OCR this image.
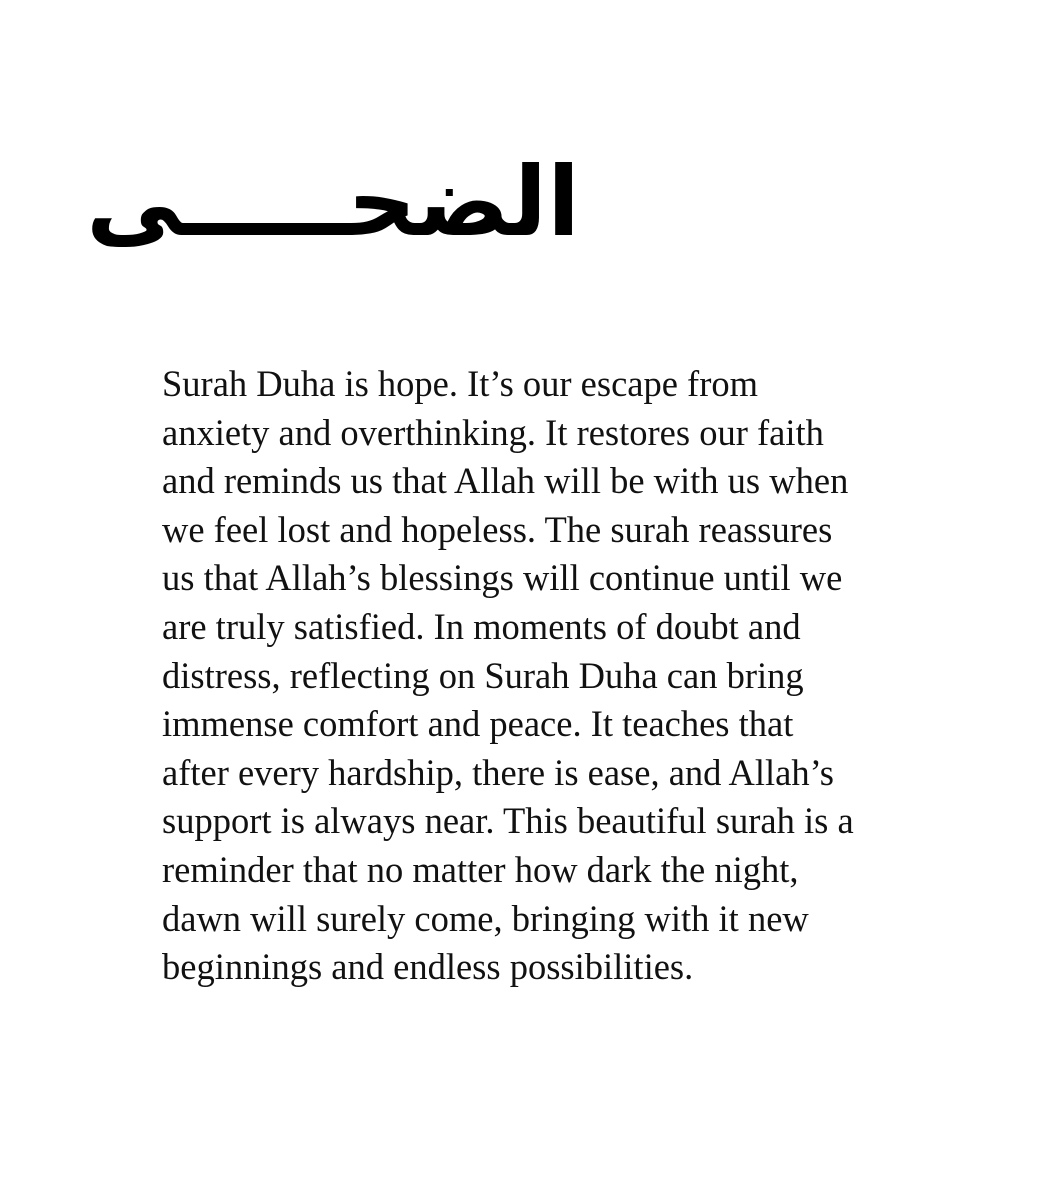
الضحـــــى

Surah Duha is hope. It’s our escape from
anxiety and overthinking. It restores our faith
and reminds us that Allah will be with us when
we feel lost and hopeless. The surah reassures
us that Allah’s blessings will continue until we
are truly satisfied. In moments of doubt and
distress, reflecting on Surah Duha can bring
immense comfort and peace. It teaches that
after every hardship, there is ease, and Allah’s
support is always near. This beautiful surah is a
reminder that no matter how dark the night,
dawn will surely come, bringing with it new
beginnings and endless possibilities.
